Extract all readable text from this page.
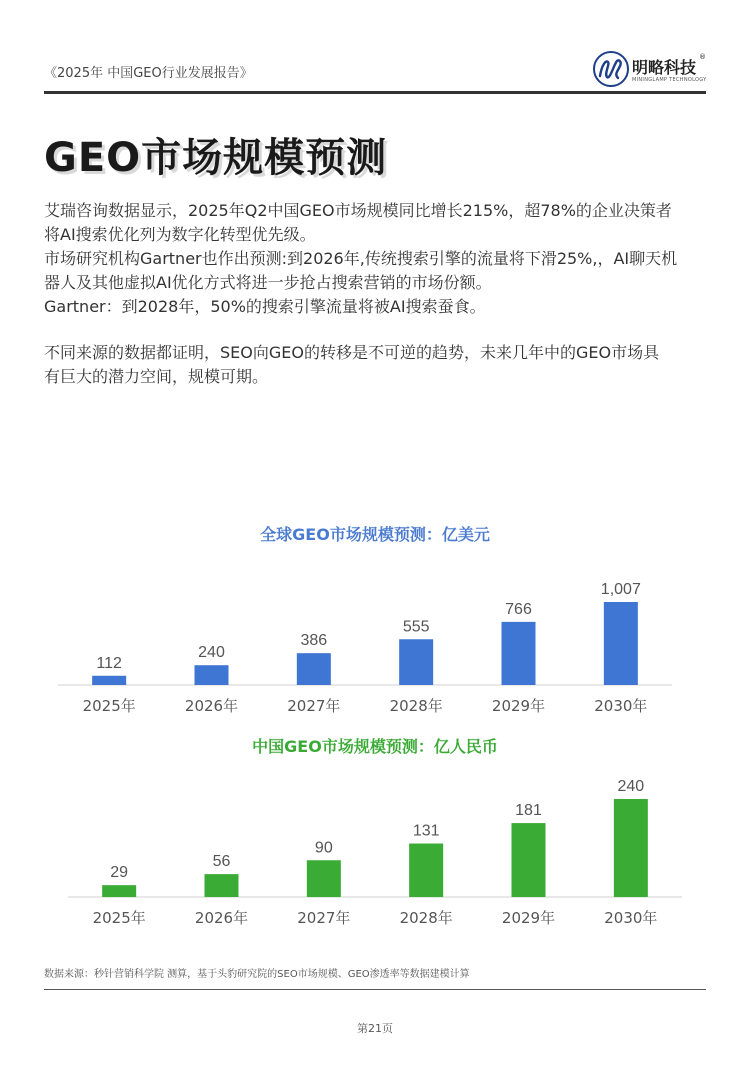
《2025年 中国GEO行业发展报告》	明略科技
®
MININGLAMP TECHNOLOGY
GEO市场规模预测
艾瑞咨询数据显示，2025年Q2中国GEO市场规模同比增长215%，超78%的企业决策者
将AI搜索优化列为数字化转型优先级。
市场研究机构Gartner也作出预测:到2026年,传统搜索引擎的流量将下滑25%,，AI聊天机
器人及其他虚拟AI优化方式将进一步抢占搜索营销的市场份额。
Gartner：到2028年，50%的搜索引擎流量将被AI搜索蚕食。
不同来源的数据都证明，SEO向GEO的转移是不可逆的趋势，未来几年中的GEO市场具
有巨大的潜力空间，规模可期。
全球GEO市场规模预测：亿美元
112
2025年
240
2026年
386
2027年
555
2028年
766
2029年
1,007
2030年
中国GEO市场规模预测：亿人民币
29
2025年
56
2026年
90
2027年
131
2028年
181
2029年
240
2030年
数据来源：秒针营销科学院 测算，基于头豹研究院的SEO市场规模、GEO渗透率等数据建模计算
第21页
